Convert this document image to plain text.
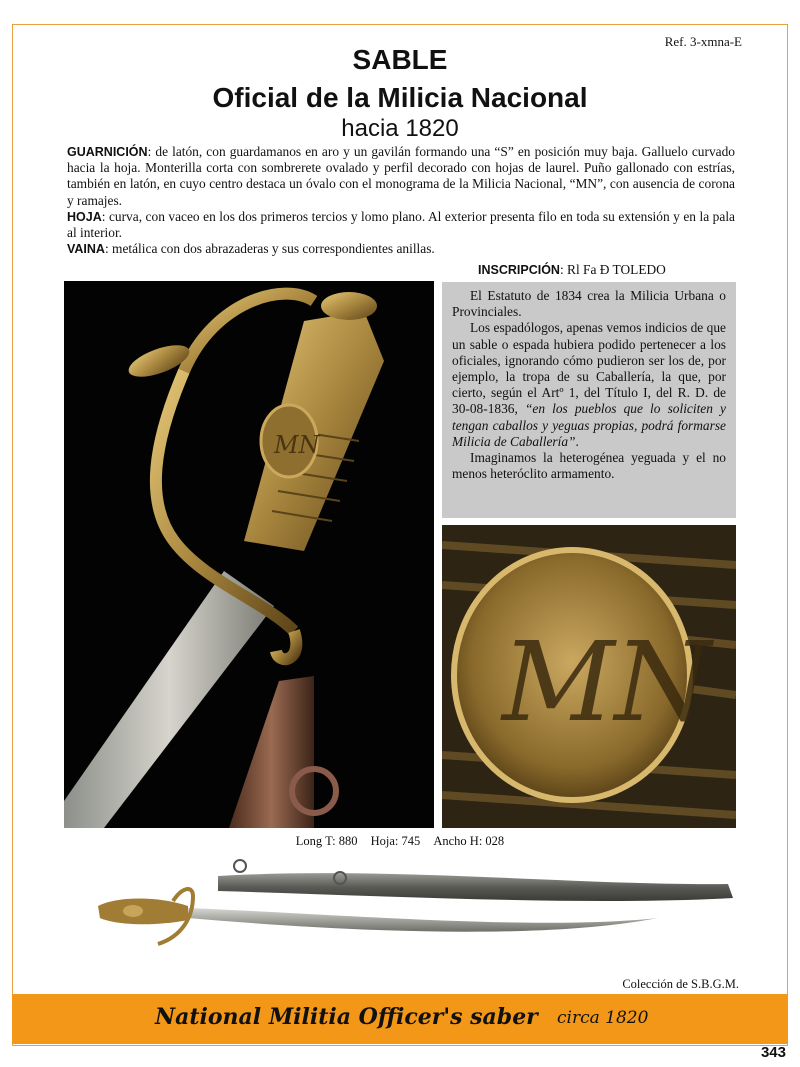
Ref. 3-xmna-E
SABLE
Oficial de la Milicia Nacional
hacia 1820

GUARNICIÓN: de latón, con guardamanos en aro y un gavilán formando una “S” en posición muy baja. Galluelo curvado hacia la hoja. Monterilla corta con sombrerete ovalado y perfil decorado con hojas de laurel. Puño gallonado con estrías, también en latón, en cuyo centro destaca un óvalo con el monograma de la Milicia Nacional, “MN”, con ausencia de corona y ramajes.

HOJA: curva, con vaceo en los dos primeros tercios y lomo plano. Al exterior presenta filo en toda su extensión y en la pala al interior.

VAINA: metálica con dos abrazaderas y sus correspondientes anillas.

INSCRIPCIÓN: Rl Fa Ð TOLEDO
MN

El Estatuto de 1834 crea la Milicia Urbana o Provinciales.

Los espadólogos, apenas vemos indicios de que un sable o espada hubiera podido pertenecer a los oficiales, ignorando cómo pudieron ser los de, por ejemplo, la tropa de su Caballería, la que, por cierto, según el Artº 1, del Título I, del R. D. de 30-08-1836, “en los pueblos que lo soliciten y tengan caballos y yeguas propias, podrá formarse Milicia de Caballería”.

Imaginamos la heterogénea yeguada y el no menos heteróclito armamento.

MN
Long T: 880 Hoja: 745 Ancho H: 028
Colección de S.B.G.M.
National Militia Officer's saber circa 1820
343
